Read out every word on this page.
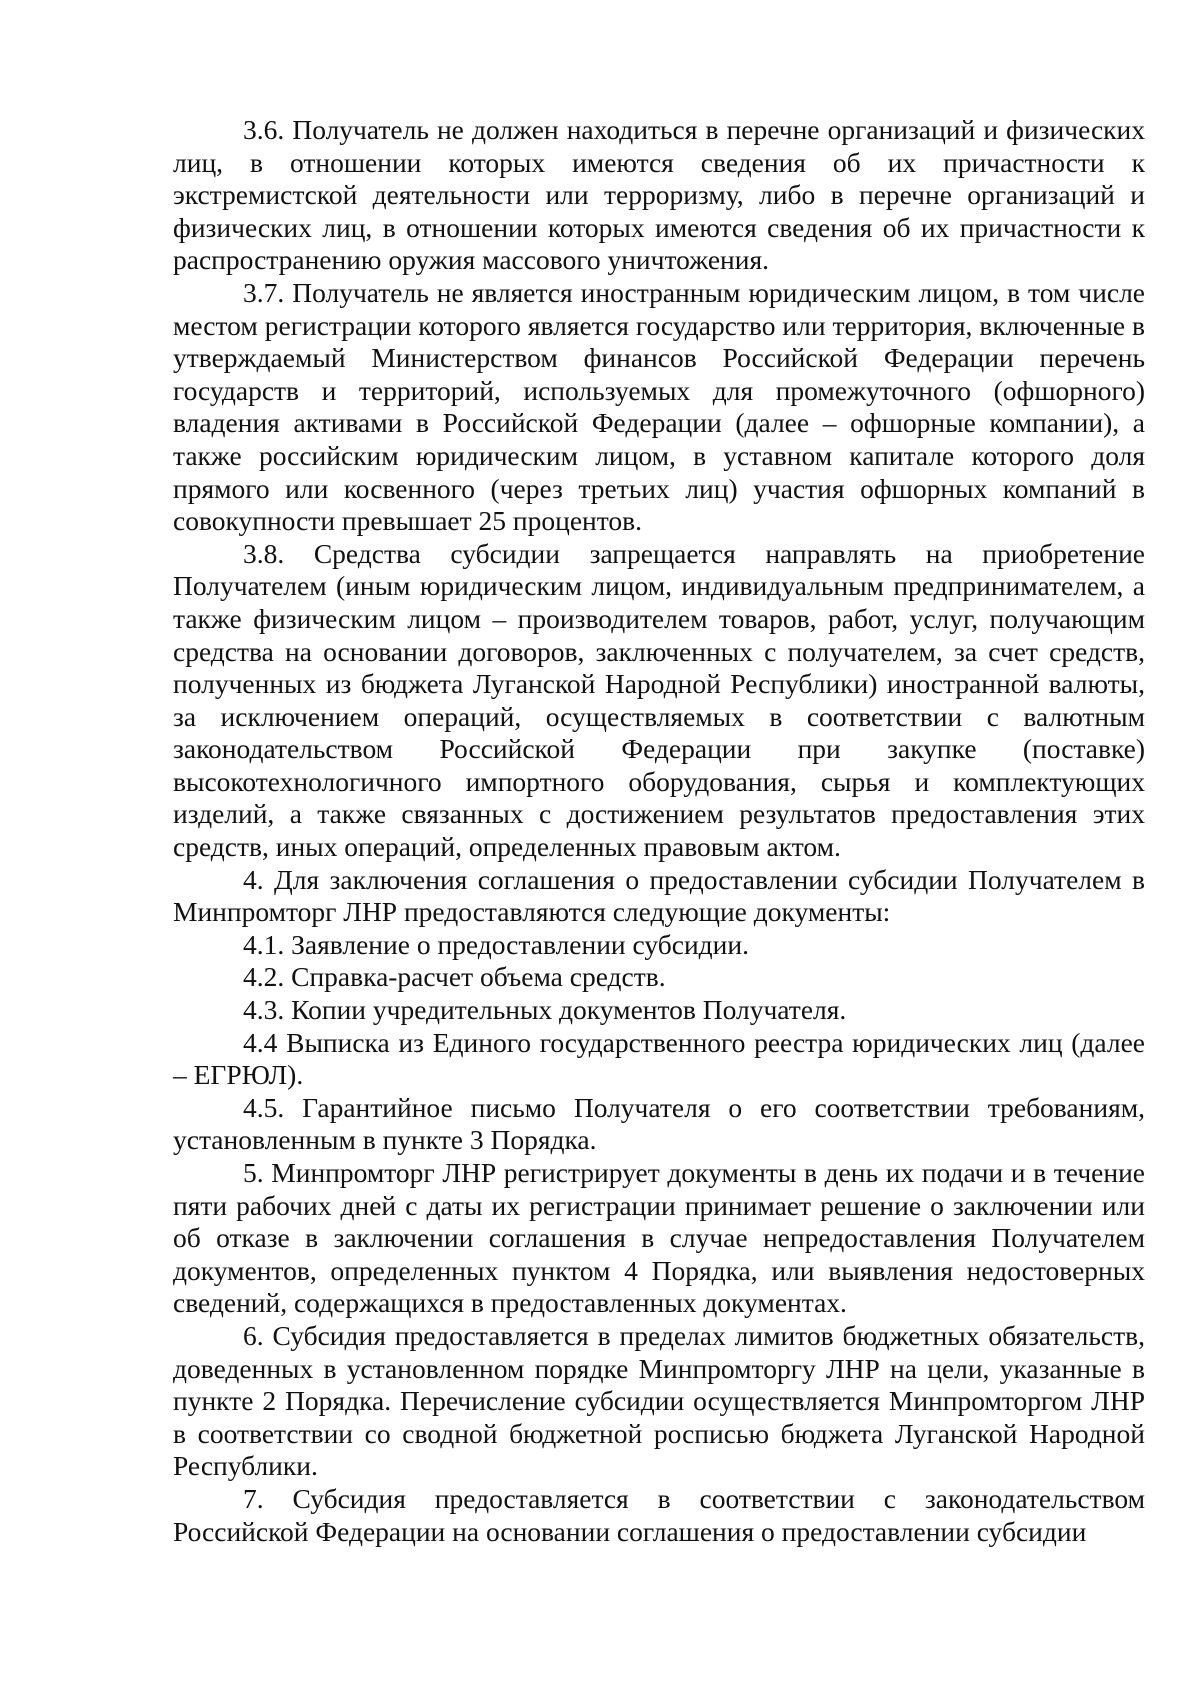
3.6. Получатель не должен находиться в перечне организаций и физических лиц, в отношении которых имеются сведения об их причастности к экстремистской деятельности или терроризму, либо в перечне организаций и физических лиц, в отношении которых имеются сведения об их причастности к распространению оружия массового уничтожения.

3.7. Получатель не является иностранным юридическим лицом, в том числе местом регистрации которого является государство или территория, включенные в утверждаемый Министерством финансов Российской Федерации перечень государств и территорий, используемых для промежуточного (офшорного) владения активами в Российской Федерации (далее – офшорные компании), а также российским юридическим лицом, в уставном капитале которого доля прямого или косвенного (через третьих лиц) участия офшорных компаний в совокупности превышает 25 процентов.

3.8. Средства субсидии запрещается направлять на приобретение Получателем (иным юридическим лицом, индивидуальным предпринимателем, а также физическим лицом – производителем товаров, работ, услуг, получающим средства на основании договоров, заключенных с получателем, за счет средств, полученных из бюджета Луганской Народной Республики) иностранной валюты, за исключением операций, осуществляемых в соответствии с валютным законодательством Российской Федерации при закупке (поставке) высокотехнологичного импортного оборудования, сырья и комплектующих изделий, а также связанных с достижением результатов предоставления этих средств, иных операций, определенных правовым актом.

4. Для заключения соглашения о предоставлении субсидии Получателем в Минпромторг ЛНР предоставляются следующие документы:

4.1. Заявление о предоставлении субсидии.

4.2. Справка-расчет объема средств.

4.3. Копии учредительных документов Получателя.

4.4 Выписка из Единого государственного реестра юридических лиц (далее – ЕГРЮЛ).

4.5. Гарантийное письмо Получателя о его соответствии требованиям, установленным в пункте 3 Порядка.

5. Минпромторг ЛНР регистрирует документы в день их подачи и в течение пяти рабочих дней с даты их регистрации принимает решение о заключении или об отказе в заключении соглашения в случае непредоставления Получателем документов, определенных пунктом 4 Порядка, или выявления недостоверных сведений, содержащихся в предоставленных документах.

6. Субсидия предоставляется в пределах лимитов бюджетных обязательств, доведенных в установленном порядке Минпромторгу ЛНР на цели, указанные в пункте 2 Порядка. Перечисление субсидии осуществляется Минпромторгом ЛНР в соответствии со сводной бюджетной росписью бюджета Луганской Народной Республики.

7. Субсидия предоставляется в соответствии с законодательством Российской Федерации на основании соглашения о предоставлении субсидии
